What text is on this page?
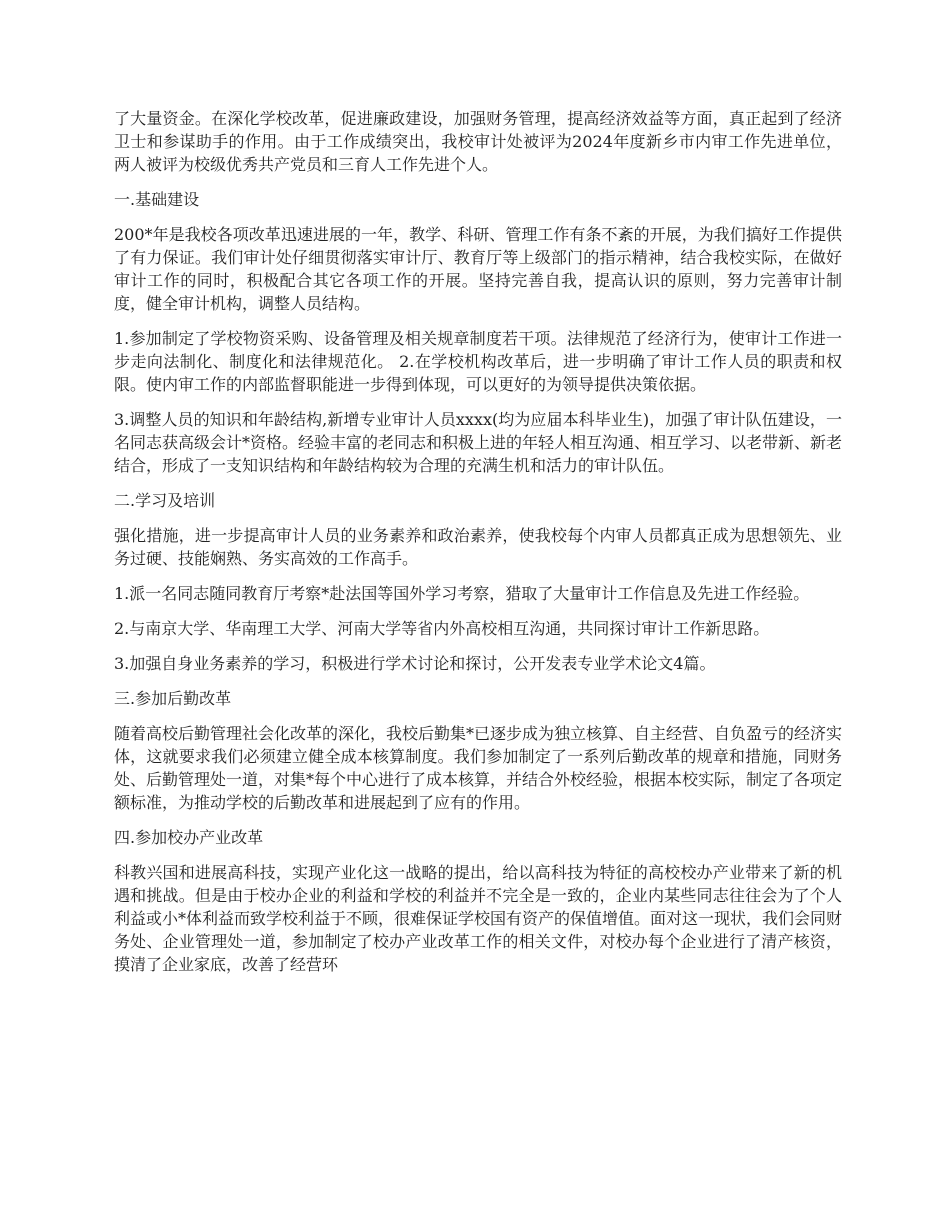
了大量资金。在深化学校改革，促进廉政建设，加强财务管理，提高经济效益等方面，真正起到了经济卫士和参谋助手的作用。由于工作成绩突出，我校审计处被评为2024年度新乡市内审工作先进单位，两人被评为校级优秀共产党员和三育人工作先进个人。

一.基础建设

200*年是我校各项改革迅速进展的一年，教学、科研、管理工作有条不紊的开展，为我们搞好工作提供了有力保证。我们审计处仔细贯彻落实审计厅、教育厅等上级部门的指示精神，结合我校实际，在做好审计工作的同时，积极配合其它各项工作的开展。坚持完善自我，提高认识的原则，努力完善审计制度，健全审计机构，调整人员结构。

1.参加制定了学校物资采购、设备管理及相关规章制度若干项。法律规范了经济行为，使审计工作进一步走向法制化、制度化和法律规范化。 2.在学校机构改革后，进一步明确了审计工作人员的职责和权限。使内审工作的内部监督职能进一步得到体现，可以更好的为领导提供决策依据。

3.调整人员的知识和年龄结构,新增专业审计人员xxxx(均为应届本科毕业生)，加强了审计队伍建设，一名同志获高级会计*资格。经验丰富的老同志和积极上进的年轻人相互沟通、相互学习、以老带新、新老结合，形成了一支知识结构和年龄结构较为合理的充满生机和活力的审计队伍。

二.学习及培训

强化措施，进一步提高审计人员的业务素养和政治素养，使我校每个内审人员都真正成为思想领先、业务过硬、技能娴熟、务实高效的工作高手。

1.派一名同志随同教育厅考察*赴法国等国外学习考察，猎取了大量审计工作信息及先进工作经验。

2.与南京大学、华南理工大学、河南大学等省内外高校相互沟通，共同探讨审计工作新思路。

3.加强自身业务素养的学习，积极进行学术讨论和探讨，公开发表专业学术论文4篇。

三.参加后勤改革

随着高校后勤管理社会化改革的深化，我校后勤集*已逐步成为独立核算、自主经营、自负盈亏的经济实体，这就要求我们必须建立健全成本核算制度。我们参加制定了一系列后勤改革的规章和措施，同财务处、后勤管理处一道，对集*每个中心进行了成本核算，并结合外校经验，根据本校实际，制定了各项定额标准，为推动学校的后勤改革和进展起到了应有的作用。

四.参加校办产业改革

科教兴国和进展高科技，实现产业化这一战略的提出，给以高科技为特征的高校校办产业带来了新的机遇和挑战。但是由于校办企业的利益和学校的利益并不完全是一致的，企业内某些同志往往会为了个人利益或小*体利益而致学校利益于不顾，很难保证学校国有资产的保值增值。面对这一现状，我们会同财务处、企业管理处一道，参加制定了校办产业改革工作的相关文件，对校办每个企业进行了清产核资，摸清了企业家底，改善了经营环
